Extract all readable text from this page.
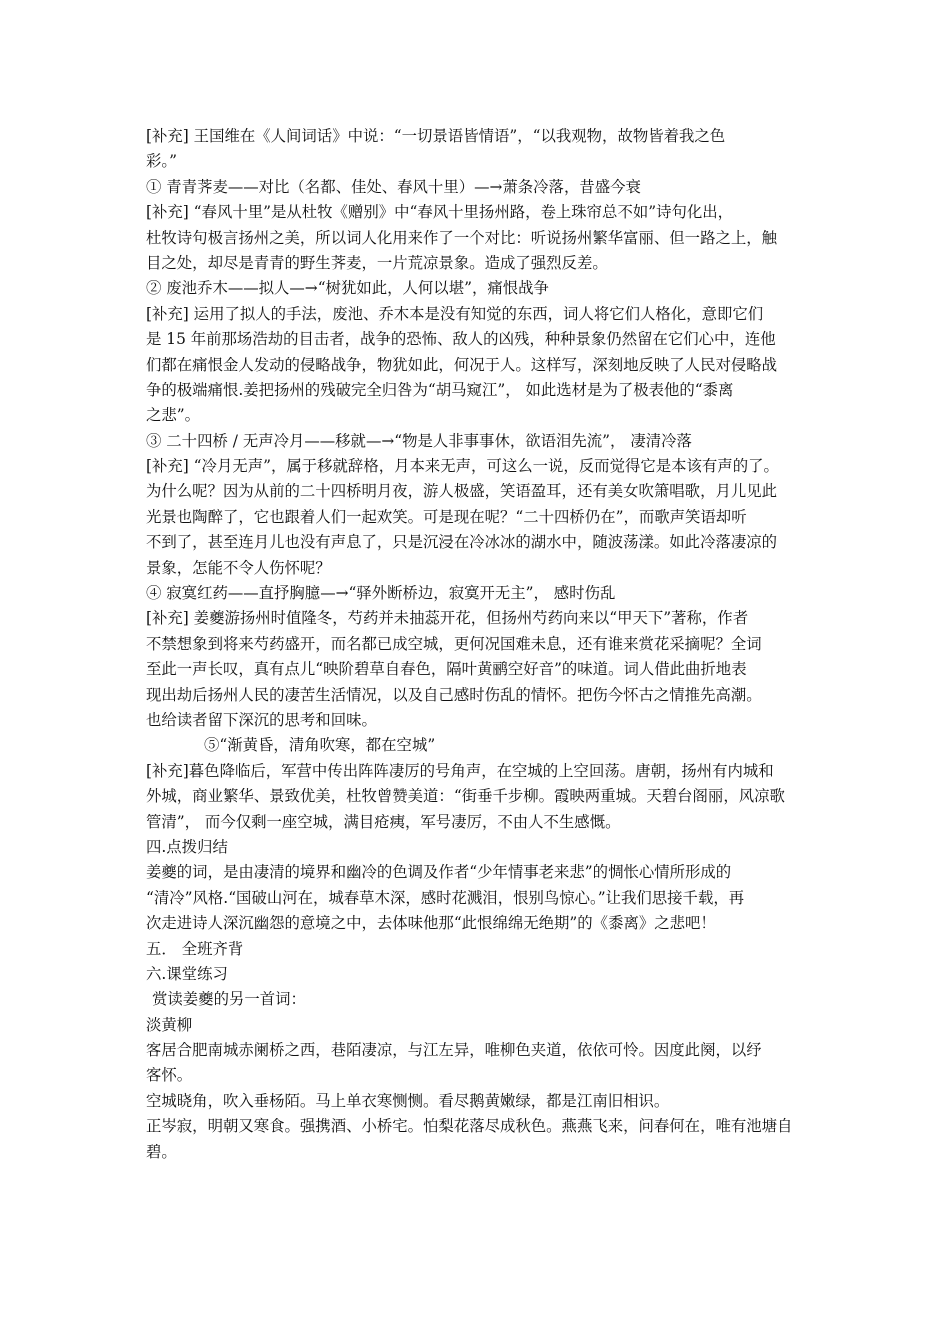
[补充] 王国维在《人间词话》中说：“一切景语皆情语”，“以我观物，故物皆着我之色
彩。”
① 青青荠麦——对比（名都、佳处、春风十里）—→萧条冷落，昔盛今衰
[补充] “春风十里”是从杜牧《赠别》中“春风十里扬州路，卷上珠帘总不如”诗句化出，
杜牧诗句极言扬州之美，所以词人化用来作了一个对比：听说扬州繁华富丽、但一路之上，触
目之处，却尽是青青的野生荠麦，一片荒凉景象。造成了强烈反差。
② 废池乔木——拟人—→“树犹如此，人何以堪”，痛恨战争
[补充] 运用了拟人的手法，废池、乔木本是没有知觉的东西，词人将它们人格化，意即它们
是 15 年前那场浩劫的目击者，战争的恐怖、敌人的凶残，种种景象仍然留在它们心中，连他
们都在痛恨金人发动的侵略战争，物犹如此，何况于人。这样写，深刻地反映了人民对侵略战
争的极端痛恨.姜把扬州的残破完全归咎为“胡马窥江”， 如此选材是为了极表他的“黍离
之悲”。
③ 二十四桥 / 无声冷月——移就—→“物是人非事事休，欲语泪先流”， 凄清冷落
[补充] “冷月无声”，属于移就辞格，月本来无声，可这么一说，反而觉得它是本该有声的了。
为什么呢？因为从前的二十四桥明月夜，游人极盛，笑语盈耳，还有美女吹箫唱歌，月儿见此
光景也陶醉了，它也跟着人们一起欢笑。可是现在呢？“二十四桥仍在”，而歌声笑语却听
不到了，甚至连月儿也没有声息了，只是沉浸在冷冰冰的湖水中，随波荡漾。如此冷落凄凉的
景象，怎能不令人伤怀呢？
④ 寂寞红药——直抒胸臆—→“驿外断桥边，寂寞开无主”， 感时伤乱
[补充] 姜夔游扬州时值隆冬，芍药并未抽蕊开花，但扬州芍药向来以“甲天下”著称，作者
不禁想象到将来芍药盛开，而名都已成空城，更何况国难未息，还有谁来赏花采摘呢？全词
至此一声长叹，真有点儿“映阶碧草自春色，隔叶黄鹂空好音”的味道。词人借此曲折地表
现出劫后扬州人民的凄苦生活情况，以及自己感时伤乱的情怀。把伤今怀古之情推先高潮。
也给读者留下深沉的思考和回味。
⑤“渐黄昏，清角吹寒，都在空城”
[补充]暮色降临后，军营中传出阵阵凄厉的号角声，在空城的上空回荡。唐朝，扬州有内城和
外城，商业繁华、景致优美，杜牧曾赞美道：“街垂千步柳。霞映两重城。天碧台阁丽，风凉歌
管清”， 而今仅剩一座空城，满目疮痍，军号凄厉，不由人不生感慨。
四.点拨归结
姜夔的词，是由凄清的境界和幽冷的色调及作者“少年情事老来悲”的惆怅心情所形成的
“清冷”风格.“国破山河在，城春草木深，感时花溅泪，恨别鸟惊心。”让我们思接千载，再
次走进诗人深沉幽怨的意境之中，去体味他那“此恨绵绵无绝期”的《黍离》之悲吧！
五． 全班齐背
六.课堂练习
赏读姜夔的另一首词：
淡黄柳
客居合肥南城赤阑桥之西，巷陌凄凉，与江左异，唯柳色夹道，依依可怜。因度此阕，以纾
客怀。
空城晓角，吹入垂杨陌。马上单衣寒恻恻。看尽鹅黄嫩绿，都是江南旧相识。
正岑寂，明朝又寒食。强携酒、小桥宅。怕梨花落尽成秋色。燕燕飞来，问春何在，唯有池塘自
碧。
